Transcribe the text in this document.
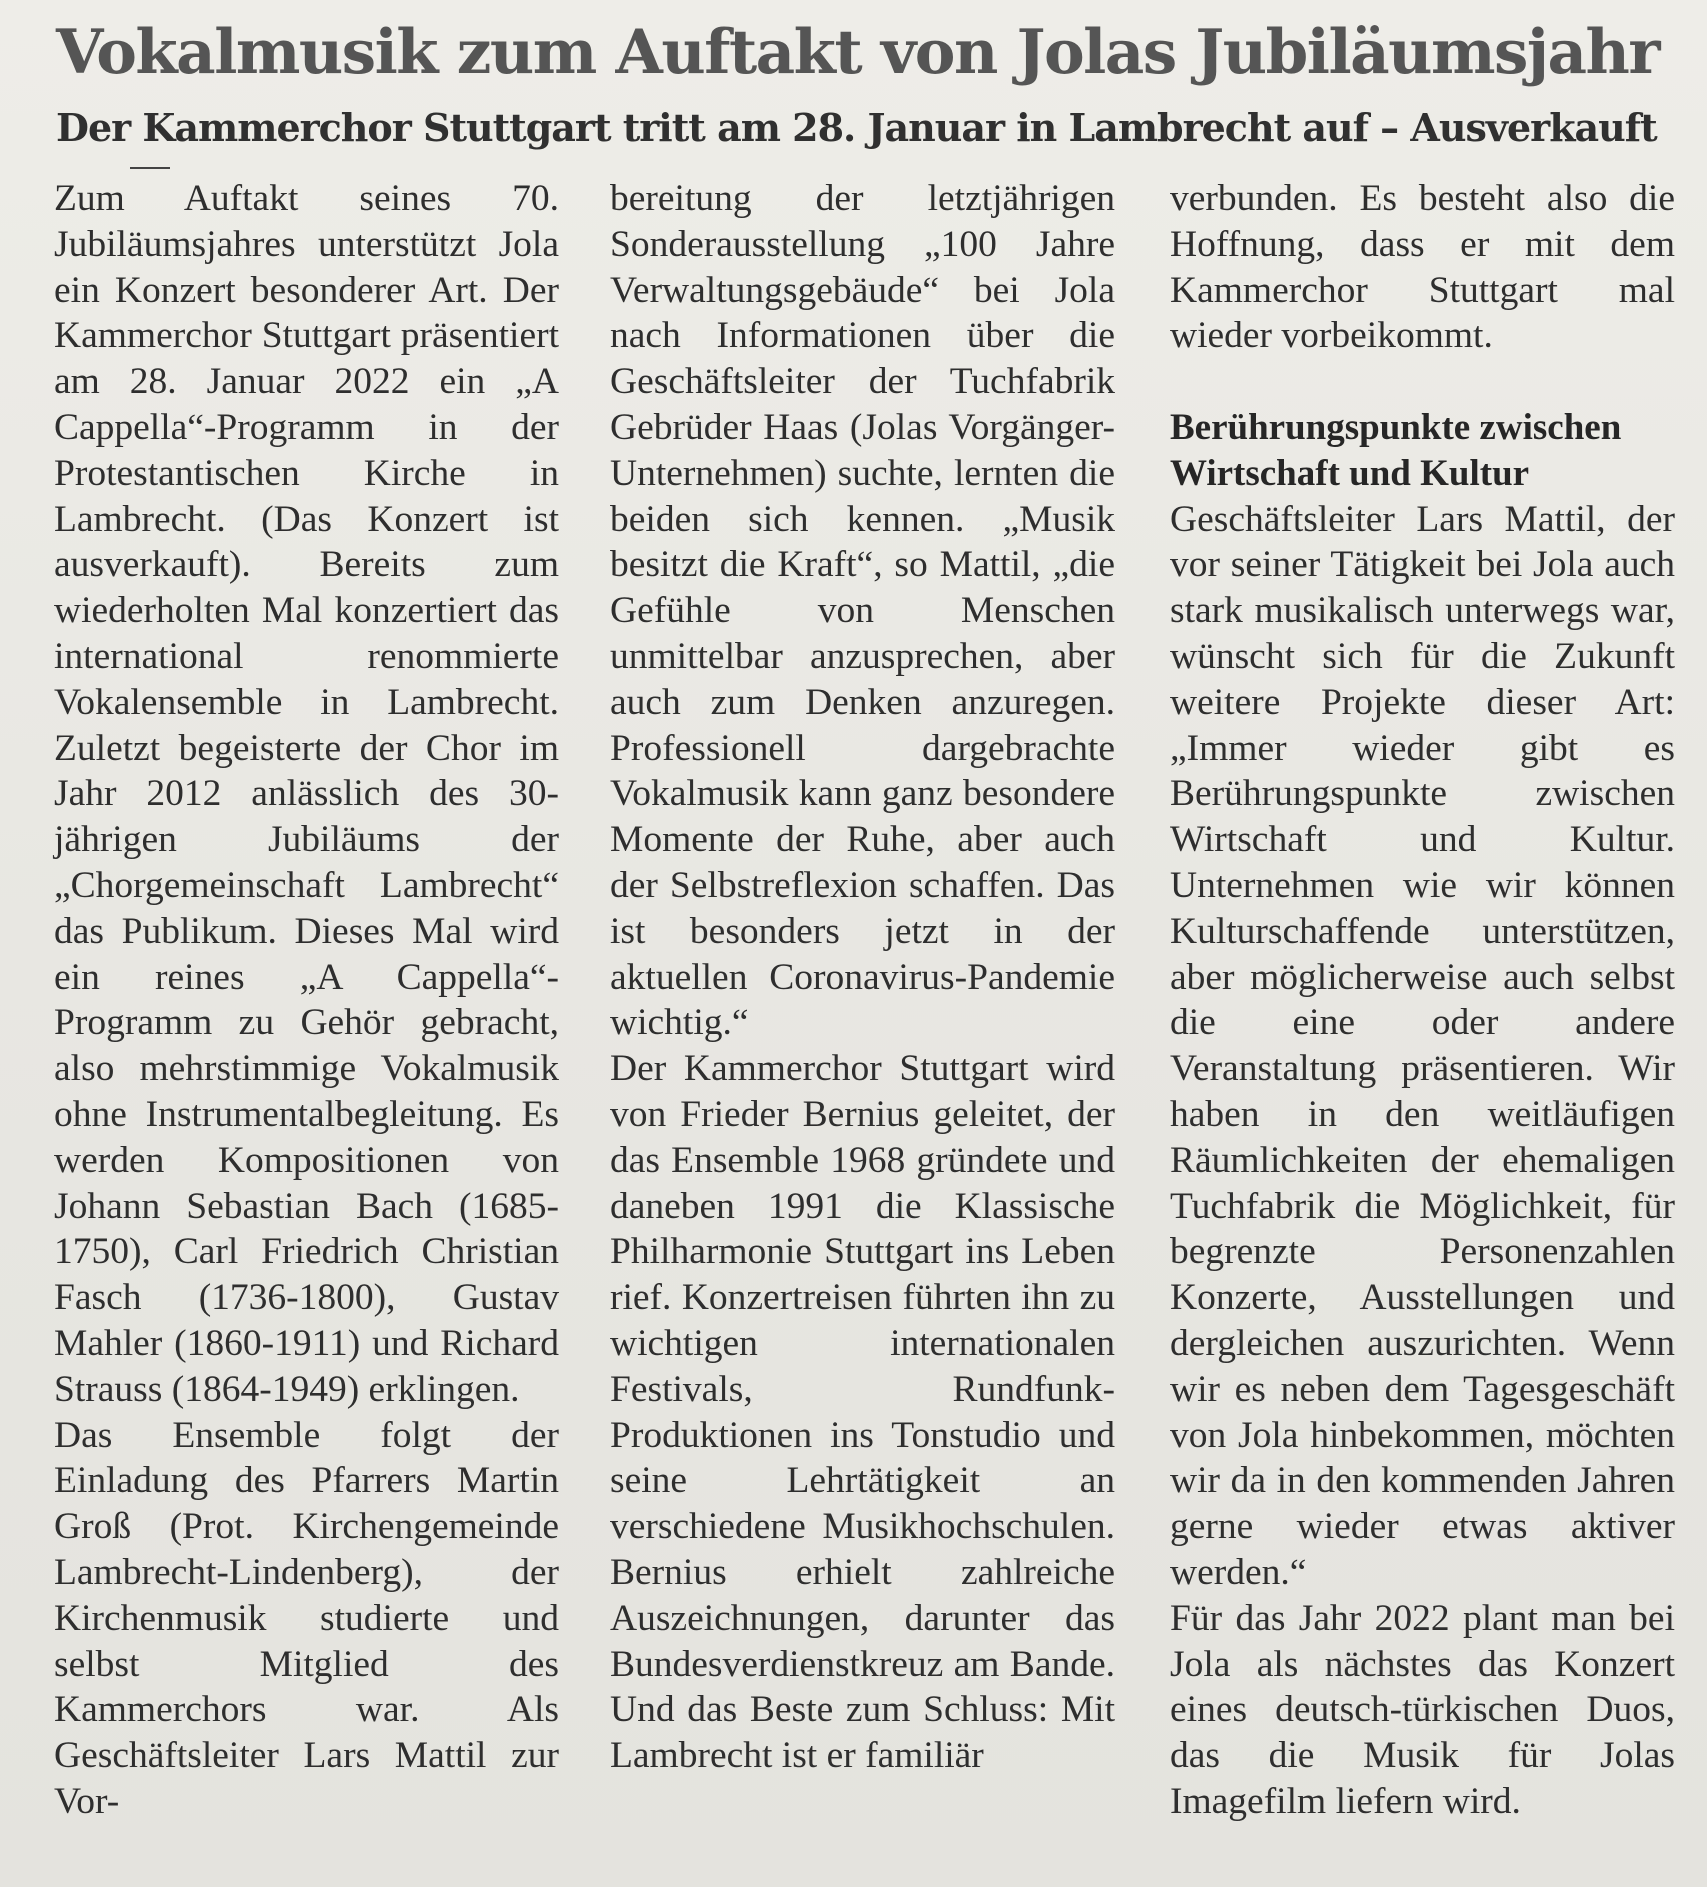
Vokalmusik zum Auftakt von Jolas Jubiläumsjahr
Der Kammerchor Stuttgart tritt am 28. Januar in Lambrecht auf – Ausverkauft

Zum Auftakt seines 70. Jubiläumsjahres unterstützt Jola ein Konzert besonderer Art. Der Kammerchor Stuttgart präsentiert am 28. Januar 2022 ein „A Cappella“-Programm in der Protestantischen Kirche in Lambrecht. (Das Konzert ist ausverkauft). Bereits zum wiederholten Mal konzertiert das international renommierte Vokalensemble in Lambrecht. Zuletzt begeisterte der Chor im Jahr 2012 anlässlich des 30-jährigen Jubiläums der „Chorgemeinschaft Lambrecht“ das Publikum. Dieses Mal wird ein reines „A Cappella“-Programm zu Gehör gebracht, also mehrstimmige Vokalmusik ohne Instrumentalbegleitung. Es werden Kompositionen von Johann Sebastian Bach (1685-1750), Carl Friedrich Christian Fasch (1736-1800), Gustav Mahler (1860-1911) und Richard Strauss (1864-1949) erklingen.

Das Ensemble folgt der Einladung des Pfarrers Martin Groß (Prot. Kirchengemeinde Lambrecht-Lindenberg), der Kirchenmusik studierte und selbst Mitglied des Kammerchors war. Als Geschäftsleiter Lars Mattil zur Vor-

bereitung der letztjährigen Sonderausstellung „100 Jahre Verwaltungsgebäude“ bei Jola nach Informationen über die Geschäftsleiter der Tuchfabrik Gebrüder Haas (Jolas Vorgänger-Unternehmen) suchte, lernten die beiden sich kennen. „Musik besitzt die Kraft“, so Mattil, „die Gefühle von Menschen unmittelbar anzusprechen, aber auch zum Denken anzuregen. Professionell dargebrachte Vokalmusik kann ganz besondere Momente der Ruhe, aber auch der Selbstreflexion schaffen. Das ist besonders jetzt in der aktuellen Coronavirus-Pandemie wichtig.“

Der Kammerchor Stuttgart wird von Frieder Bernius geleitet, der das Ensemble 1968 gründete und daneben 1991 die Klassische Philharmonie Stuttgart ins Leben rief. Konzertreisen führten ihn zu wichtigen internationalen Festivals, Rundfunk-Produktionen ins Tonstudio und seine Lehrtätigkeit an verschiedene Musikhochschulen. Bernius erhielt zahlreiche Auszeichnungen, darunter das Bundesverdienstkreuz am Bande. Und das Beste zum Schluss: Mit Lambrecht ist er familiär

verbunden. Es besteht also die Hoffnung, dass er mit dem Kammerchor Stuttgart mal wieder vorbeikommt.

Berührungspunkte zwischen Wirtschaft und Kultur

Geschäftsleiter Lars Mattil, der vor seiner Tätigkeit bei Jola auch stark musikalisch unterwegs war, wünscht sich für die Zukunft weitere Projekte dieser Art: „Immer wieder gibt es Berührungspunkte zwischen Wirtschaft und Kultur. Unternehmen wie wir können Kulturschaffende unterstützen, aber möglicherweise auch selbst die eine oder andere Veranstaltung präsentieren. Wir haben in den weitläufigen Räumlichkeiten der ehemaligen Tuchfabrik die Möglichkeit, für begrenzte Personenzahlen Konzerte, Ausstellungen und dergleichen auszurichten. Wenn wir es neben dem Tagesgeschäft von Jola hinbekommen, möchten wir da in den kommenden Jahren gerne wieder etwas aktiver werden.“

Für das Jahr 2022 plant man bei Jola als nächstes das Konzert eines deutsch-türkischen Duos, das die Musik für Jolas Imagefilm liefern wird.
